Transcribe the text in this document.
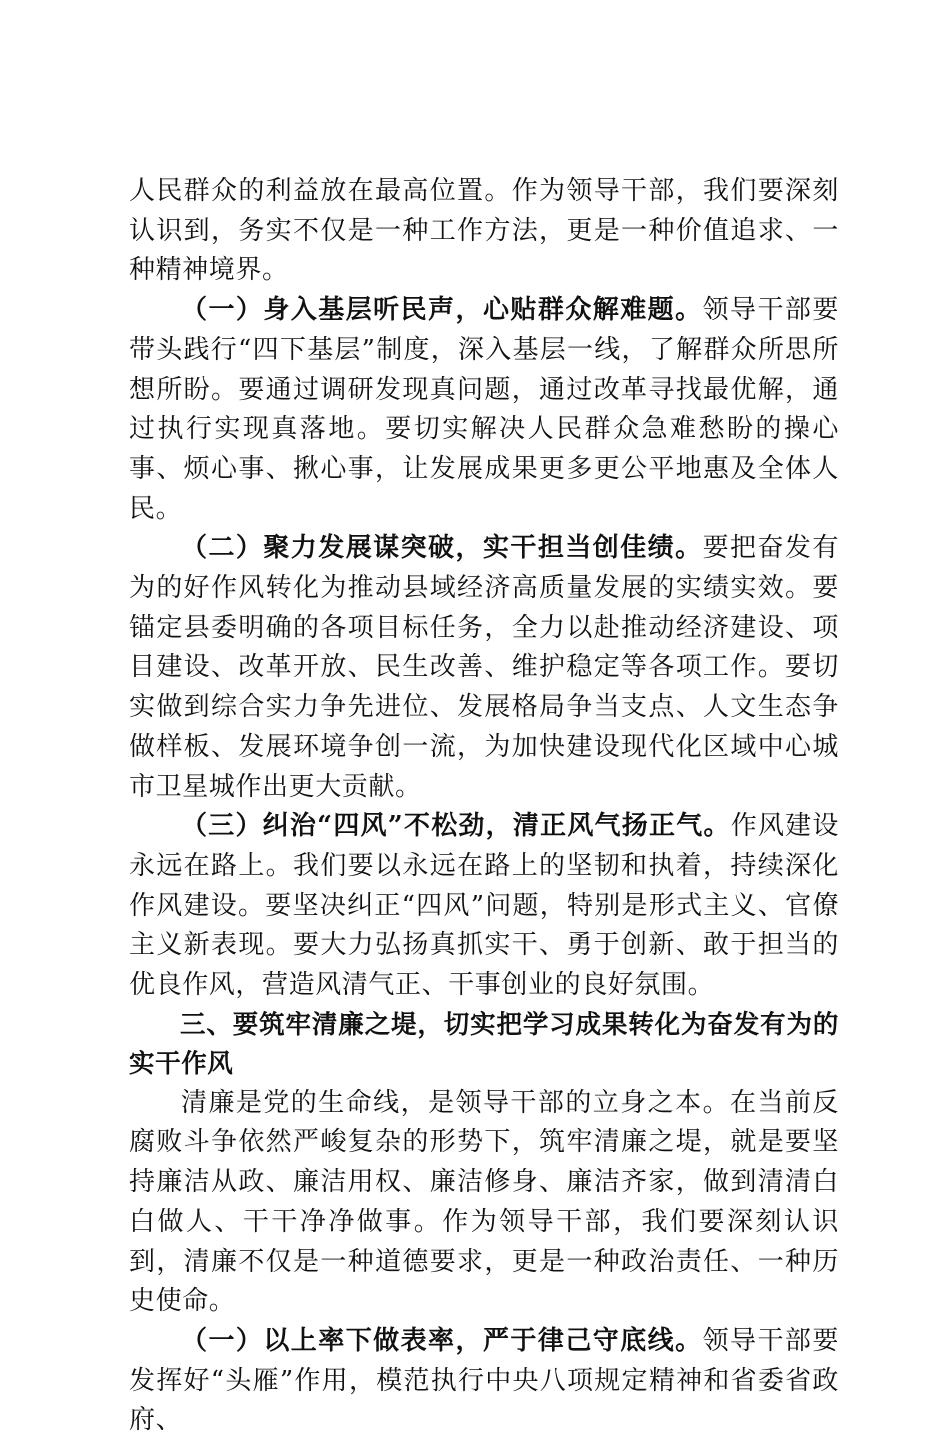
人民群众的利益放在最高位置。作为领导干部，我们要深刻认识到，务实不仅是一种工作方法，更是一种价值追求、一种精神境界。

（一）身入基层听民声，心贴群众解难题。领导干部要带头践行“四下基层”制度，深入基层一线，了解群众所思所想所盼。要通过调研发现真问题，通过改革寻找最优解，通过执行实现真落地。要切实解决人民群众急难愁盼的操心事、烦心事、揪心事，让发展成果更多更公平地惠及全体人民。

（二）聚力发展谋突破，实干担当创佳绩。要把奋发有为的好作风转化为推动县域经济高质量发展的实绩实效。要锚定县委明确的各项目标任务，全力以赴推动经济建设、项目建设、改革开放、民生改善、维护稳定等各项工作。要切实做到综合实力争先进位、发展格局争当支点、人文生态争做样板、发展环境争创一流，为加快建设现代化区域中心城市卫星城作出更大贡献。

（三）纠治“四风”不松劲，清正风气扬正气。作风建设永远在路上。我们要以永远在路上的坚韧和执着，持续深化作风建设。要坚决纠正“四风”问题，特别是形式主义、官僚主义新表现。要大力弘扬真抓实干、勇于创新、敢于担当的优良作风，营造风清气正、干事创业的良好氛围。

三、要筑牢清廉之堤，切实把学习成果转化为奋发有为的实干作风

清廉是党的生命线，是领导干部的立身之本。在当前反腐败斗争依然严峻复杂的形势下，筑牢清廉之堤，就是要坚持廉洁从政、廉洁用权、廉洁修身、廉洁齐家，做到清清白白做人、干干净净做事。作为领导干部，我们要深刻认识到，清廉不仅是一种道德要求，更是一种政治责任、一种历史使命。

（一）以上率下做表率，严于律己守底线。领导干部要发挥好“头雁”作用，模范执行中央八项规定精神和省委省政府、
